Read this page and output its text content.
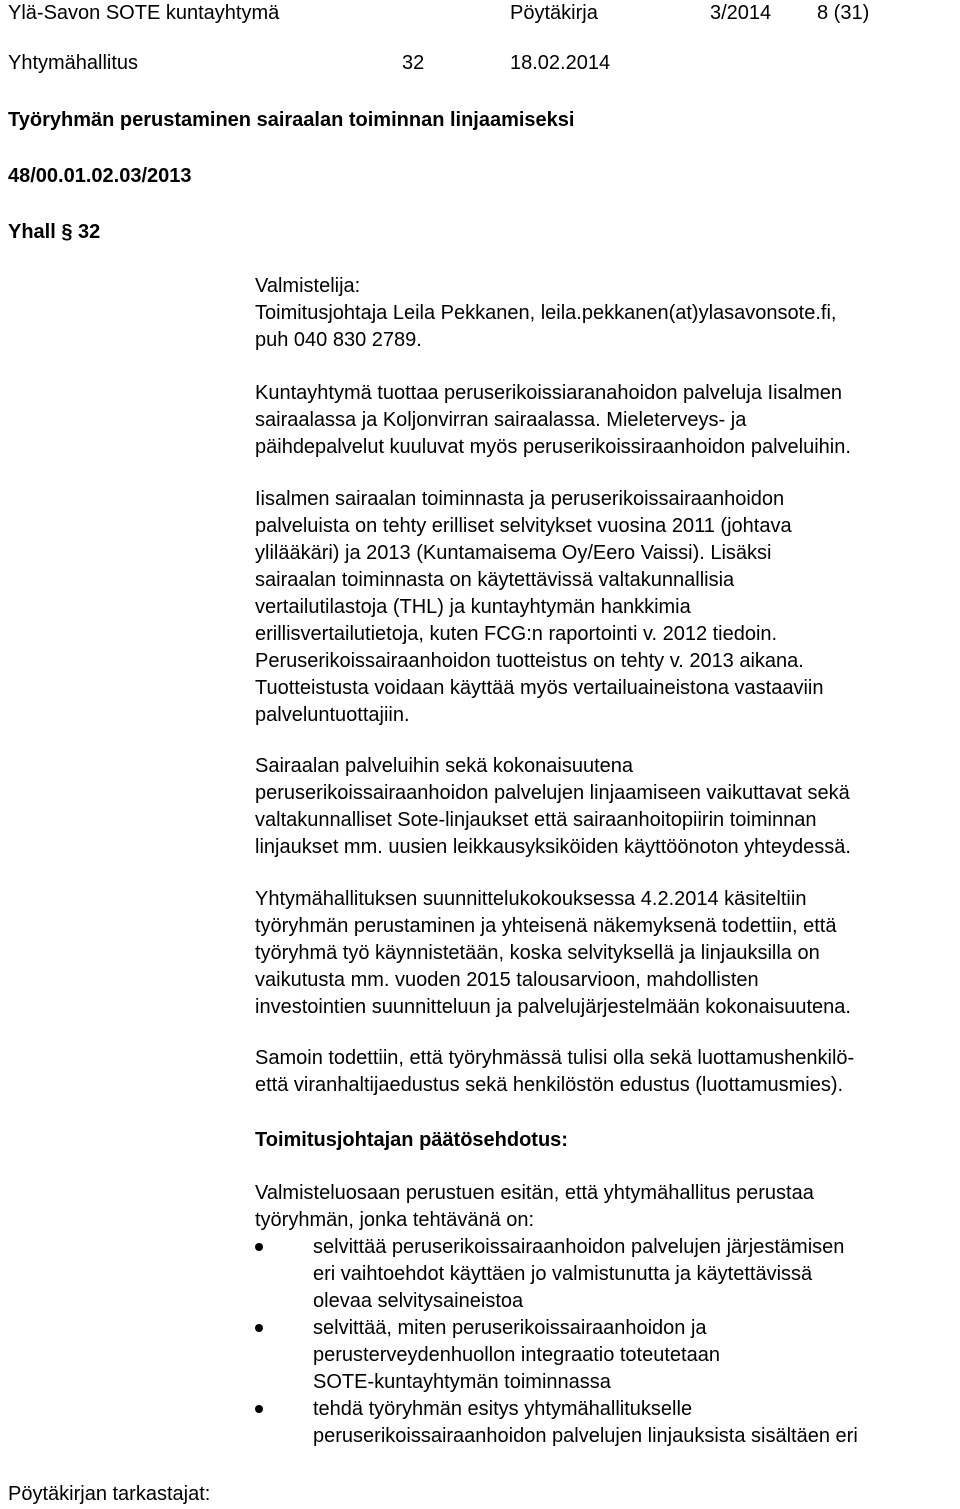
Ylä-Savon SOTE kuntayhtymä	Pöytäkirja	3/2014 8 (31)
Yhtymähallitus	32	18.02.2014
Työryhmän perustaminen sairaalan toiminnan linjaamiseksi
48/00.01.02.03/2013
Yhall § 32
Valmistelija:
Toimitusjohtaja Leila Pekkanen, leila.pekkanen(at)ylasavonsote.fi,
puh 040 830 2789.
Kuntayhtymä tuottaa peruserikoissiaranahoidon palveluja Iisalmen
sairaalassa ja Koljonvirran sairaalassa. Mieleterveys- ja
päihdepalvelut kuuluvat myös peruserikoissiraanhoidon palveluihin.
Iisalmen sairaalan toiminnasta ja peruserikoissairaanhoidon
palveluista on tehty erilliset selvitykset vuosina 2011 (johtava
ylilääkäri) ja 2013 (Kuntamaisema Oy/Eero Vaissi). Lisäksi
sairaalan toiminnasta on käytettävissä valtakunnallisia
vertailutilastoja (THL) ja kuntayhtymän hankkimia
erillisvertailutietoja, kuten FCG:n raportointi v. 2012 tiedoin.
Peruserikoissairaanhoidon tuotteistus on tehty v. 2013 aikana.
Tuotteistusta voidaan käyttää myös vertailuaineistona vastaaviin
palveluntuottajiin.
Sairaalan palveluihin sekä kokonaisuutena
peruserikoissairaanhoidon palvelujen linjaamiseen vaikuttavat sekä
valtakunnalliset Sote-linjaukset että sairaanhoitopiirin toiminnan
linjaukset mm. uusien leikkausyksiköiden käyttöönoton yhteydessä.
Yhtymähallituksen suunnittelukokouksessa 4.2.2014 käsiteltiin
työryhmän perustaminen ja yhteisenä näkemyksenä todettiin, että
työryhmä työ käynnistetään, koska selvityksellä ja linjauksilla on
vaikutusta mm. vuoden 2015 talousarvioon, mahdollisten
investointien suunnitteluun ja palvelujärjestelmään kokonaisuutena.
Samoin todettiin, että työryhmässä tulisi olla sekä luottamushenkilö-
että viranhaltijaedustus sekä henkilöstön edustus (luottamusmies).
Toimitusjohtajan päätösehdotus:
Valmisteluosaan perustuen esitän, että yhtymähallitus perustaa
työryhmän, jonka tehtävänä on:
selvittää peruserikoissairaanhoidon palvelujen järjestämisen
eri vaihtoehdot käyttäen jo valmistunutta ja käytettävissä
olevaa selvitysaineistoa
selvittää, miten peruserikoissairaanhoidon ja
perusterveydenhuollon integraatio toteutetaan
SOTE-kuntayhtymän toiminnassa
tehdä työryhmän esitys yhtymähallitukselle
peruserikoissairaanhoidon palvelujen linjauksista sisältäen eri
Pöytäkirjan tarkastajat:
